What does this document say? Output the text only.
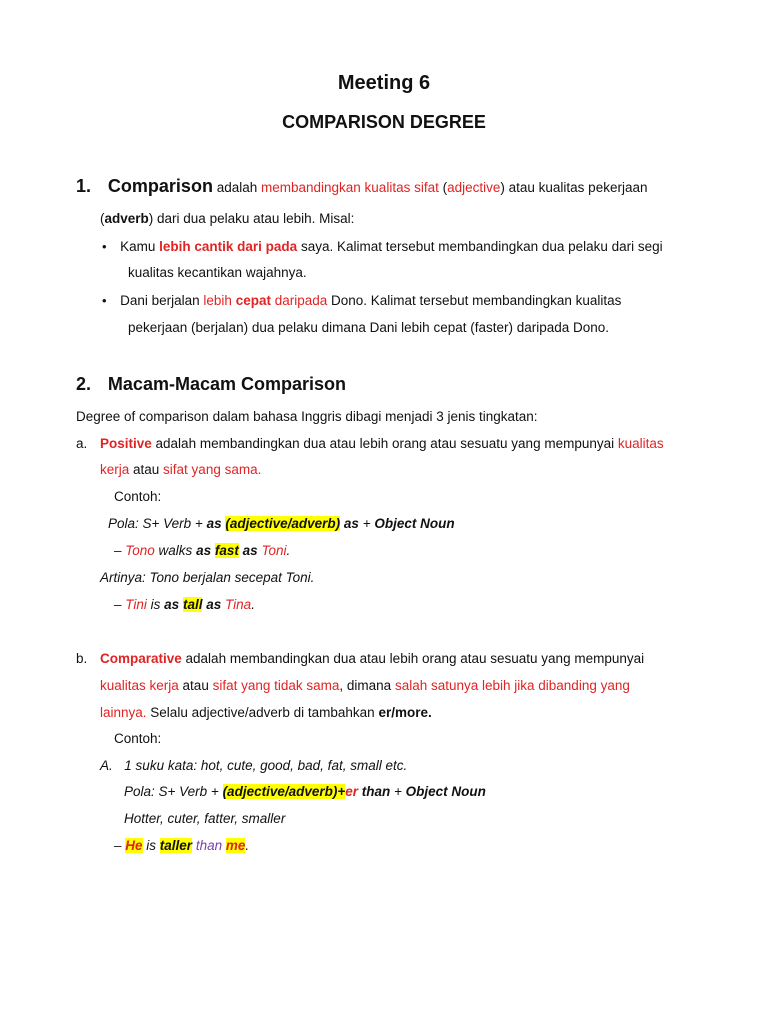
Meeting 6
COMPARISON DEGREE
1. Comparison adalah membandingkan kualitas sifat (adjective) atau kualitas pekerjaan
(adverb) dari dua pelaku atau lebih. Misal:
• Kamu lebih cantik dari pada saya. Kalimat tersebut membandingkan dua pelaku dari segi
kualitas kecantikan wajahnya.
• Dani berjalan lebih cepat daripada Dono. Kalimat tersebut membandingkan kualitas
pekerjaan (berjalan) dua pelaku dimana Dani lebih cepat (faster) daripada Dono.
2. Macam-Macam Comparison
Degree of comparison dalam bahasa Inggris dibagi menjadi 3 jenis tingkatan:
a. Positive adalah membandingkan dua atau lebih orang atau sesuatu yang mempunyai kualitas
kerja atau sifat yang sama.
Contoh:
Pola: S+ Verb + as (adjective/adverb) as + Object Noun
– Tono walks as fast as Toni.
Artinya: Tono berjalan secepat Toni.
– Tini is as tall as Tina.
b. Comparative adalah membandingkan dua atau lebih orang atau sesuatu yang mempunyai
kualitas kerja atau sifat yang tidak sama, dimana salah satunya lebih jika dibanding yang
lainnya. Selalu adjective/adverb di tambahkan er/more.
Contoh:
A. 1 suku kata: hot, cute, good, bad, fat, small etc.
Pola: S+ Verb + (adjective/adverb)+er than + Object Noun
Hotter, cuter, fatter, smaller
– He is taller than me.
